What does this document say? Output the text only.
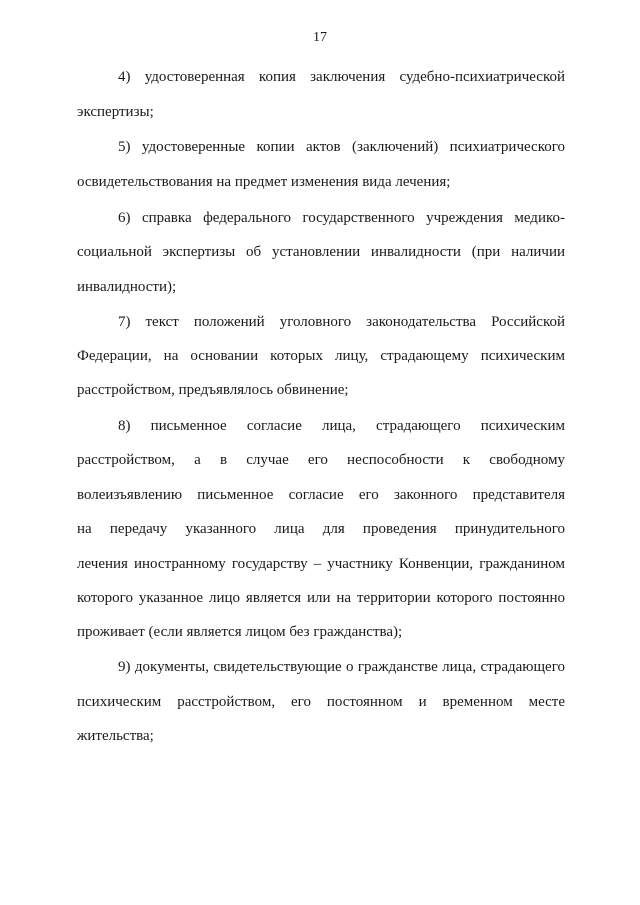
17
4) удостоверенная копия заключения судебно-психиатрической
экспертизы;
5) удостоверенные копии актов (заключений) психиатрического
освидетельствования на предмет изменения вида лечения;
6) справка федерального государственного учреждения медико-
социальной экспертизы об установлении инвалидности (при наличии
инвалидности);
7) текст положений уголовного законодательства Российской
Федерации, на основании которых лицу, страдающему психическим
расстройством, предъявлялось обвинение;
8) письменное согласие лица, страдающего психическим
расстройством, а в случае его неспособности к свободному
волеизъявлению письменное согласие его законного представителя
на передачу указанного лица для проведения принудительного
лечения иностранному государству – участнику Конвенции, гражданином
которого указанное лицо является или на территории которого постоянно
проживает (если является лицом без гражданства);
9) документы, свидетельствующие о гражданстве лица, страдающего
психическим расстройством, его постоянном и временном месте
жительства;
